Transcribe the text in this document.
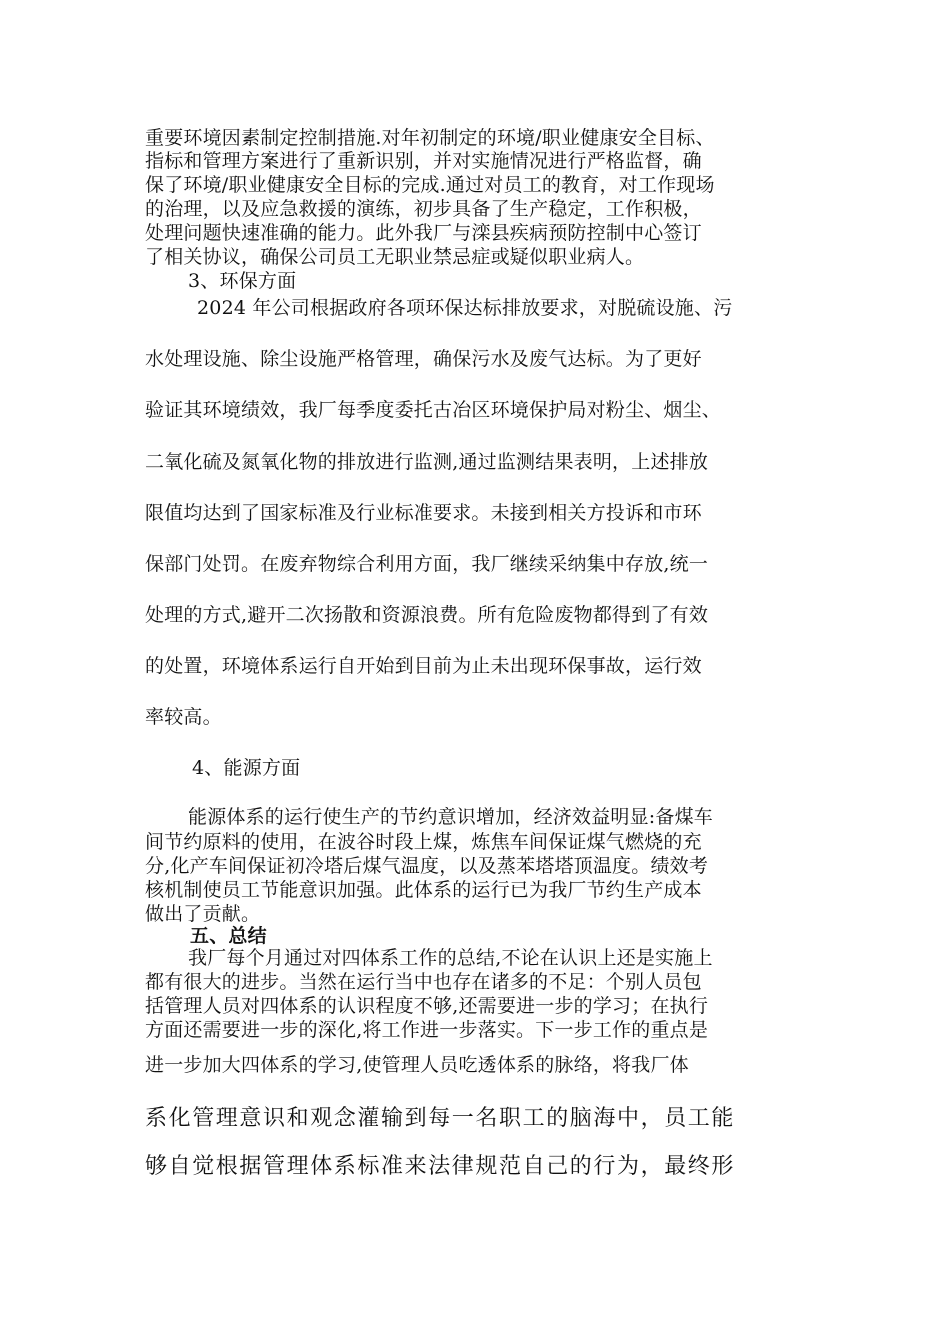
重要环境因素制定控制措施.对年初制定的环境/职业健康安全目标、
指标和管理方案进行了重新识别，并对实施情况进行严格监督，确
保了环境/职业健康安全目标的完成.通过对员工的教育，对工作现场
的治理，以及应急救援的演练，初步具备了生产稳定，工作积极，
处理问题快速准确的能力。此外我厂与滦县疾病预防控制中心签订
了相关协议，确保公司员工无职业禁忌症或疑似职业病人。
3、环保方面
2024 年公司根据政府各项环保达标排放要求，对脱硫设施、污
水处理设施、除尘设施严格管理，确保污水及废气达标。为了更好
验证其环境绩效，我厂每季度委托古冶区环境保护局对粉尘、烟尘、
二氧化硫及氮氧化物的排放进行监测,通过监测结果表明，上述排放
限值均达到了国家标准及行业标准要求。未接到相关方投诉和市环
保部门处罚。在废弃物综合利用方面，我厂继续采纳集中存放,统一
处理的方式,避开二次扬散和资源浪费。所有危险废物都得到了有效
的处置，环境体系运行自开始到目前为止未出现环保事故，运行效
率较高。
4、能源方面
能源体系的运行使生产的节约意识增加，经济效益明显:备煤车
间节约原料的使用，在波谷时段上煤，炼焦车间保证煤气燃烧的充
分,化产车间保证初冷塔后煤气温度，以及蒸苯塔塔顶温度。绩效考
核机制使员工节能意识加强。此体系的运行已为我厂节约生产成本
做出了贡献。
五、总结
我厂每个月通过对四体系工作的总结,不论在认识上还是实施上
都有很大的进步。当然在运行当中也存在诸多的不足：个别人员包
括管理人员对四体系的认识程度不够,还需要进一步的学习；在执行
方面还需要进一步的深化,将工作进一步落实。下一步工作的重点是
进一步加大四体系的学习,使管理人员吃透体系的脉络，将我厂体
系化管理意识和观念灌输到每一名职工的脑海中，员工能
够自觉根据管理体系标准来法律规范自己的行为，最终形
